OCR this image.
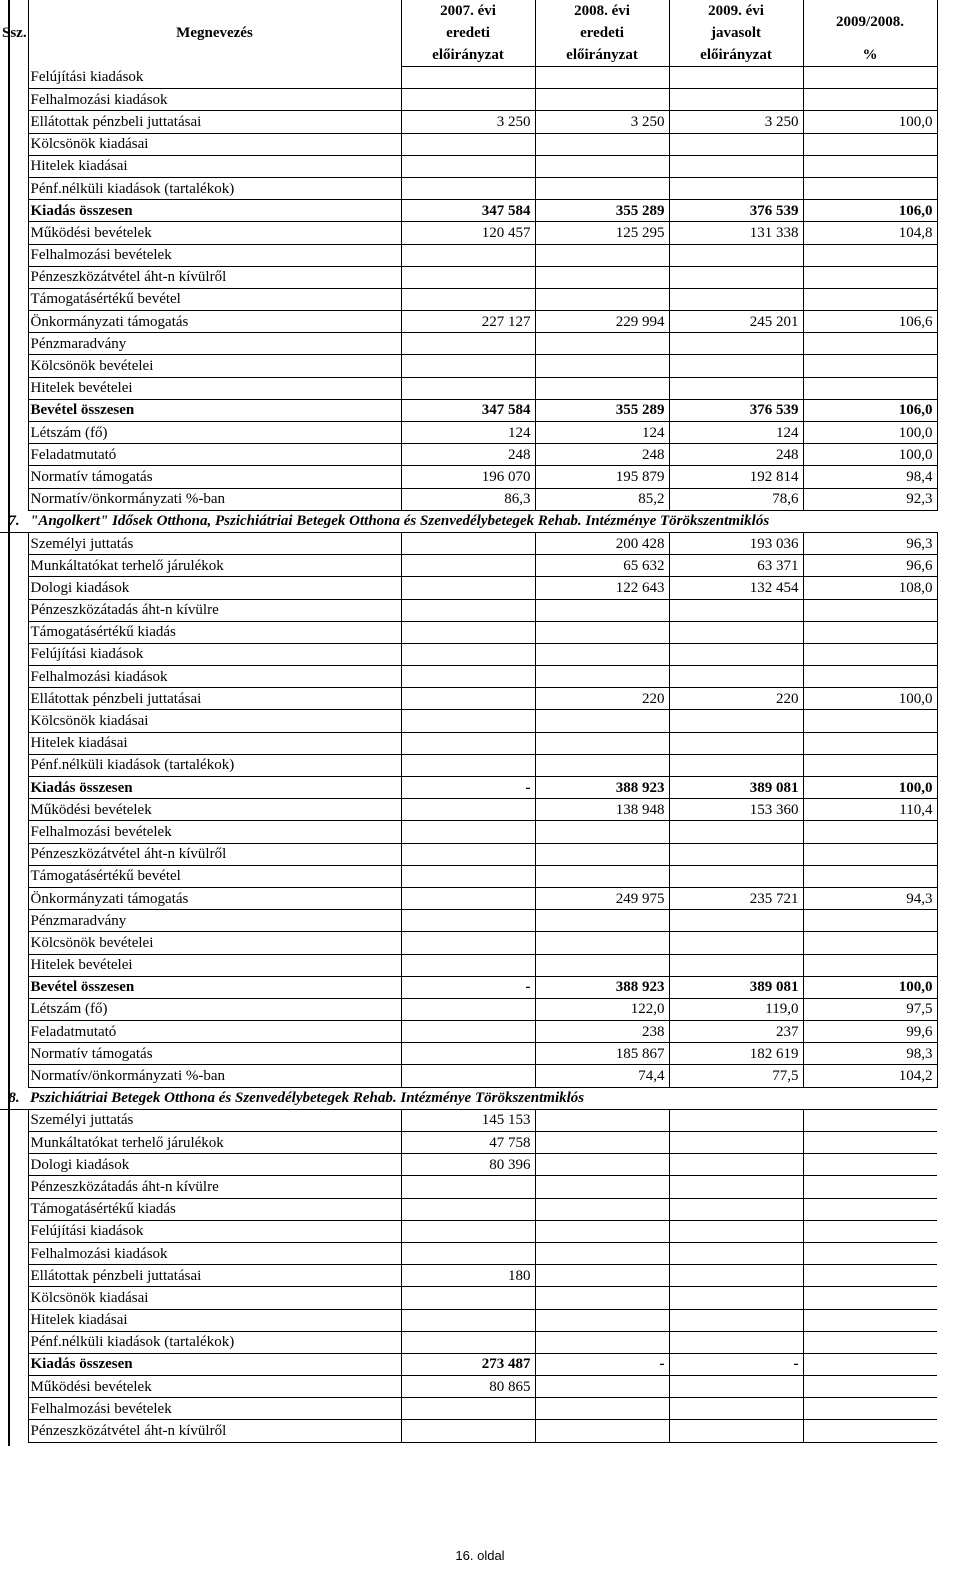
Ssz.	Megnevezés	2007. évi	2008. évi	2009. évi	2009/2008.
		eredeti	eredeti	javasolt	
		előirányzat	előirányzat	előirányzat	%
	Felújítási kiadások				
	Felhalmozási kiadások				
	Ellátottak pénzbeli juttatásai	3 250	3 250	3 250	100,0
	Kölcsönök kiadásai				
	Hitelek kiadásai				
	Pénf.nélküli kiadások (tartalékok)				
	Kiadás összesen	347 584	355 289	376 539	106,0
	Működési bevételek	120 457	125 295	131 338	104,8
	Felhalmozási bevételek				
	Pénzeszközátvétel áht-n kívülről				
	Támogatásértékű bevétel				
	Önkormányzati támogatás	227 127	229 994	245 201	106,6
	Pénzmaradvány				
	Kölcsönök bevételei				
	Hitelek bevételei				
	Bevétel összesen	347 584	355 289	376 539	106,0
	Létszám (fő)	124	124	124	100,0
	Feladatmutató	248	248	248	100,0
	Normatív támogatás	196 070	195 879	192 814	98,4
	Normatív/önkormányzati %-ban	86,3	85,2	78,6	92,3
7.	"Angolkert" Idősek Otthona, Pszichiátriai Betegek Otthona és Szenvedélybetegek Rehab. Intézménye Törökszentmiklós				
	Személyi juttatás		200 428	193 036	96,3
	Munkáltatókat terhelő járulékok		65 632	63 371	96,6
	Dologi kiadások		122 643	132 454	108,0
	Pénzeszközátadás áht-n kívülre				
	Támogatásértékű kiadás				
	Felújítási kiadások				
	Felhalmozási kiadások				
	Ellátottak pénzbeli juttatásai		220	220	100,0
	Kölcsönök kiadásai				
	Hitelek kiadásai				
	Pénf.nélküli kiadások (tartalékok)				
	Kiadás összesen	-	388 923	389 081	100,0
	Működési bevételek		138 948	153 360	110,4
	Felhalmozási bevételek				
	Pénzeszközátvétel áht-n kívülről				
	Támogatásértékű bevétel				
	Önkormányzati támogatás		249 975	235 721	94,3
	Pénzmaradvány				
	Kölcsönök bevételei				
	Hitelek bevételei				
	Bevétel összesen	-	388 923	389 081	100,0
	Létszám (fő)		122,0	119,0	97,5
	Feladatmutató		238	237	99,6
	Normatív támogatás		185 867	182 619	98,3
	Normatív/önkormányzati %-ban		74,4	77,5	104,2
8.	Pszichiátriai Betegek Otthona és Szenvedélybetegek Rehab. Intézménye Törökszentmiklós				
	Személyi juttatás	145 153			
	Munkáltatókat terhelő járulékok	47 758			
	Dologi kiadások	80 396			
	Pénzeszközátadás áht-n kívülre				
	Támogatásértékű kiadás				
	Felújítási kiadások				
	Felhalmozási kiadások				
	Ellátottak pénzbeli juttatásai	180			
	Kölcsönök kiadásai				
	Hitelek kiadásai				
	Pénf.nélküli kiadások (tartalékok)				
	Kiadás összesen	273 487	-	-	
	Működési bevételek	80 865			
	Felhalmozási bevételek				
	Pénzeszközátvétel áht-n kívülről				
16. oldal
